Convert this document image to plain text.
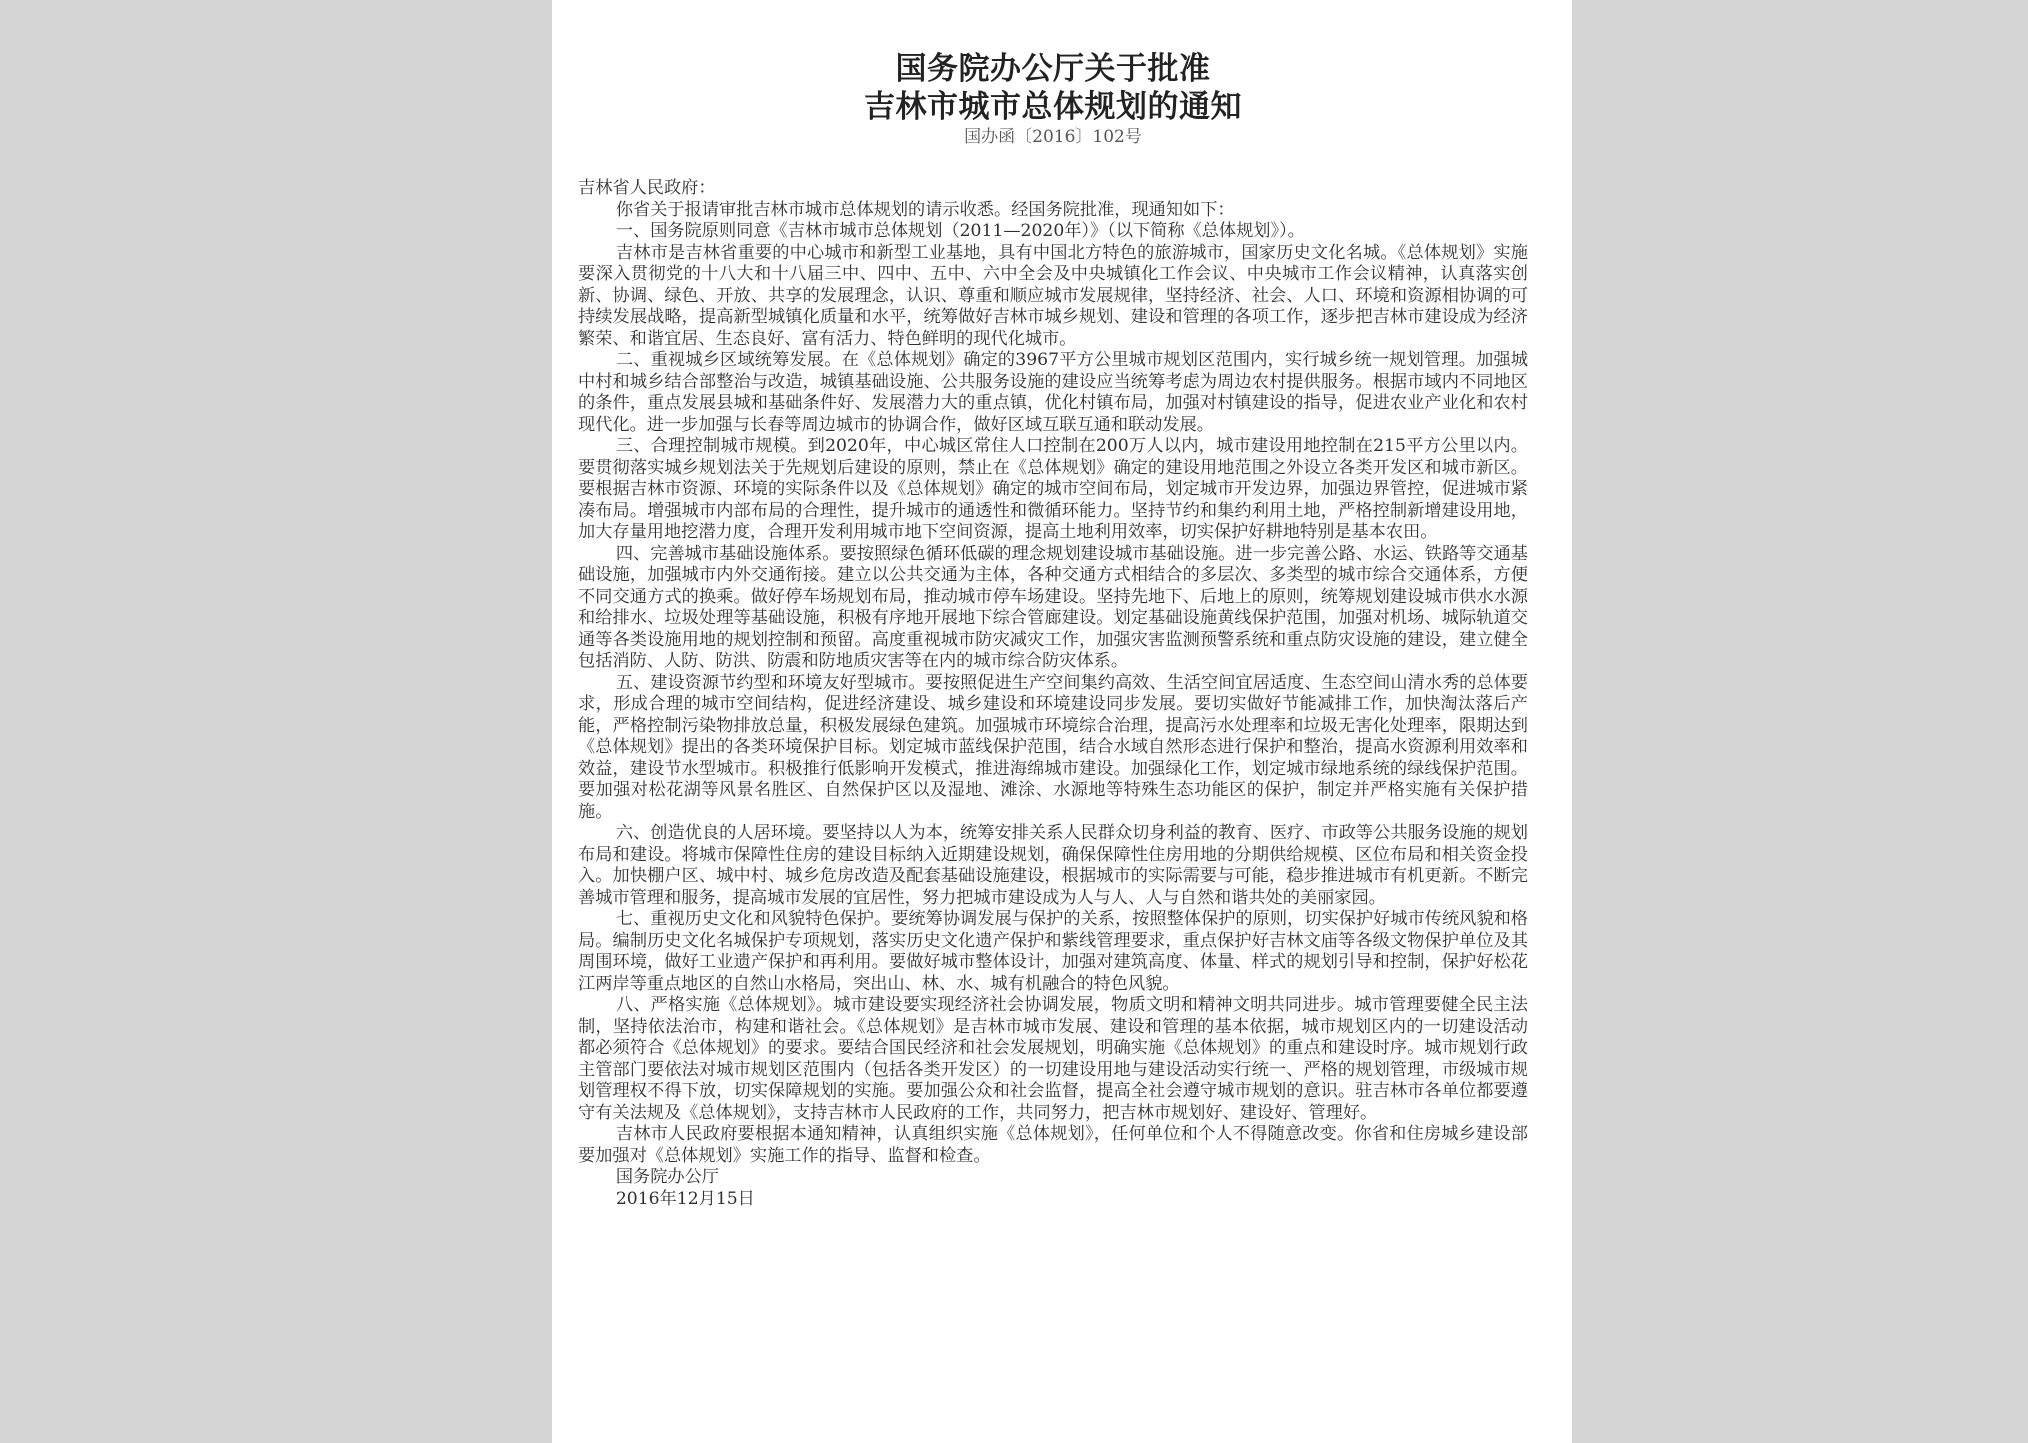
国务院办公厅关于批准
吉林市城市总体规划的通知
国办函〔2016〕102号

吉林省人民政府：

你省关于报请审批吉林市城市总体规划的请示收悉。经国务院批准，现通知如下：

一、国务院原则同意《吉林市城市总体规划（2011—2020年）》（以下简称《总体规划》）。

吉林市是吉林省重要的中心城市和新型工业基地，具有中国北方特色的旅游城市，国家历史文化名城。《总体规划》实施要深入贯彻党的十八大和十八届三中、四中、五中、六中全会及中央城镇化工作会议、中央城市工作会议精神，认真落实创新、协调、绿色、开放、共享的发展理念，认识、尊重和顺应城市发展规律，坚持经济、社会、人口、环境和资源相协调的可持续发展战略，提高新型城镇化质量和水平，统筹做好吉林市城乡规划、建设和管理的各项工作，逐步把吉林市建设成为经济繁荣、和谐宜居、生态良好、富有活力、特色鲜明的现代化城市。

二、重视城乡区域统筹发展。在《总体规划》确定的3967平方公里城市规划区范围内，实行城乡统一规划管理。加强城中村和城乡结合部整治与改造，城镇基础设施、公共服务设施的建设应当统筹考虑为周边农村提供服务。根据市域内不同地区的条件，重点发展县城和基础条件好、发展潜力大的重点镇，优化村镇布局，加强对村镇建设的指导，促进农业产业化和农村现代化。进一步加强与长春等周边城市的协调合作，做好区域互联互通和联动发展。

三、合理控制城市规模。到2020年，中心城区常住人口控制在200万人以内，城市建设用地控制在215平方公里以内。要贯彻落实城乡规划法关于先规划后建设的原则，禁止在《总体规划》确定的建设用地范围之外设立各类开发区和城市新区。要根据吉林市资源、环境的实际条件以及《总体规划》确定的城市空间布局，划定城市开发边界，加强边界管控，促进城市紧凑布局。增强城市内部布局的合理性，提升城市的通透性和微循环能力。坚持节约和集约利用土地，严格控制新增建设用地，加大存量用地挖潜力度，合理开发利用城市地下空间资源，提高土地利用效率，切实保护好耕地特别是基本农田。

四、完善城市基础设施体系。要按照绿色循环低碳的理念规划建设城市基础设施。进一步完善公路、水运、铁路等交通基础设施，加强城市内外交通衔接。建立以公共交通为主体，各种交通方式相结合的多层次、多类型的城市综合交通体系，方便不同交通方式的换乘。做好停车场规划布局，推动城市停车场建设。坚持先地下、后地上的原则，统筹规划建设城市供水水源和给排水、垃圾处理等基础设施，积极有序地开展地下综合管廊建设。划定基础设施黄线保护范围，加强对机场、城际轨道交通等各类设施用地的规划控制和预留。高度重视城市防灾减灾工作，加强灾害监测预警系统和重点防灾设施的建设，建立健全包括消防、人防、防洪、防震和防地质灾害等在内的城市综合防灾体系。

五、建设资源节约型和环境友好型城市。要按照促进生产空间集约高效、生活空间宜居适度、生态空间山清水秀的总体要求，形成合理的城市空间结构，促进经济建设、城乡建设和环境建设同步发展。要切实做好节能减排工作，加快淘汰落后产能，严格控制污染物排放总量，积极发展绿色建筑。加强城市环境综合治理，提高污水处理率和垃圾无害化处理率，限期达到《总体规划》提出的各类环境保护目标。划定城市蓝线保护范围，结合水域自然形态进行保护和整治，提高水资源利用效率和效益，建设节水型城市。积极推行低影响开发模式，推进海绵城市建设。加强绿化工作，划定城市绿地系统的绿线保护范围。要加强对松花湖等风景名胜区、自然保护区以及湿地、滩涂、水源地等特殊生态功能区的保护，制定并严格实施有关保护措施。

六、创造优良的人居环境。要坚持以人为本，统筹安排关系人民群众切身利益的教育、医疗、市政等公共服务设施的规划布局和建设。将城市保障性住房的建设目标纳入近期建设规划，确保保障性住房用地的分期供给规模、区位布局和相关资金投入。加快棚户区、城中村、城乡危房改造及配套基础设施建设，根据城市的实际需要与可能，稳步推进城市有机更新。不断完善城市管理和服务，提高城市发展的宜居性，努力把城市建设成为人与人、人与自然和谐共处的美丽家园。

七、重视历史文化和风貌特色保护。要统筹协调发展与保护的关系，按照整体保护的原则，切实保护好城市传统风貌和格局。编制历史文化名城保护专项规划，落实历史文化遗产保护和紫线管理要求，重点保护好吉林文庙等各级文物保护单位及其周围环境，做好工业遗产保护和再利用。要做好城市整体设计，加强对建筑高度、体量、样式的规划引导和控制，保护好松花江两岸等重点地区的自然山水格局，突出山、林、水、城有机融合的特色风貌。

八、严格实施《总体规划》。城市建设要实现经济社会协调发展，物质文明和精神文明共同进步。城市管理要健全民主法制，坚持依法治市，构建和谐社会。《总体规划》是吉林市城市发展、建设和管理的基本依据，城市规划区内的一切建设活动都必须符合《总体规划》的要求。要结合国民经济和社会发展规划，明确实施《总体规划》的重点和建设时序。城市规划行政主管部门要依法对城市规划区范围内（包括各类开发区）的一切建设用地与建设活动实行统一、严格的规划管理，市级城市规划管理权不得下放，切实保障规划的实施。要加强公众和社会监督，提高全社会遵守城市规划的意识。驻吉林市各单位都要遵守有关法规及《总体规划》，支持吉林市人民政府的工作，共同努力，把吉林市规划好、建设好、管理好。

吉林市人民政府要根据本通知精神，认真组织实施《总体规划》，任何单位和个人不得随意改变。你省和住房城乡建设部要加强对《总体规划》实施工作的指导、监督和检查。

国务院办公厅

2016年12月15日
